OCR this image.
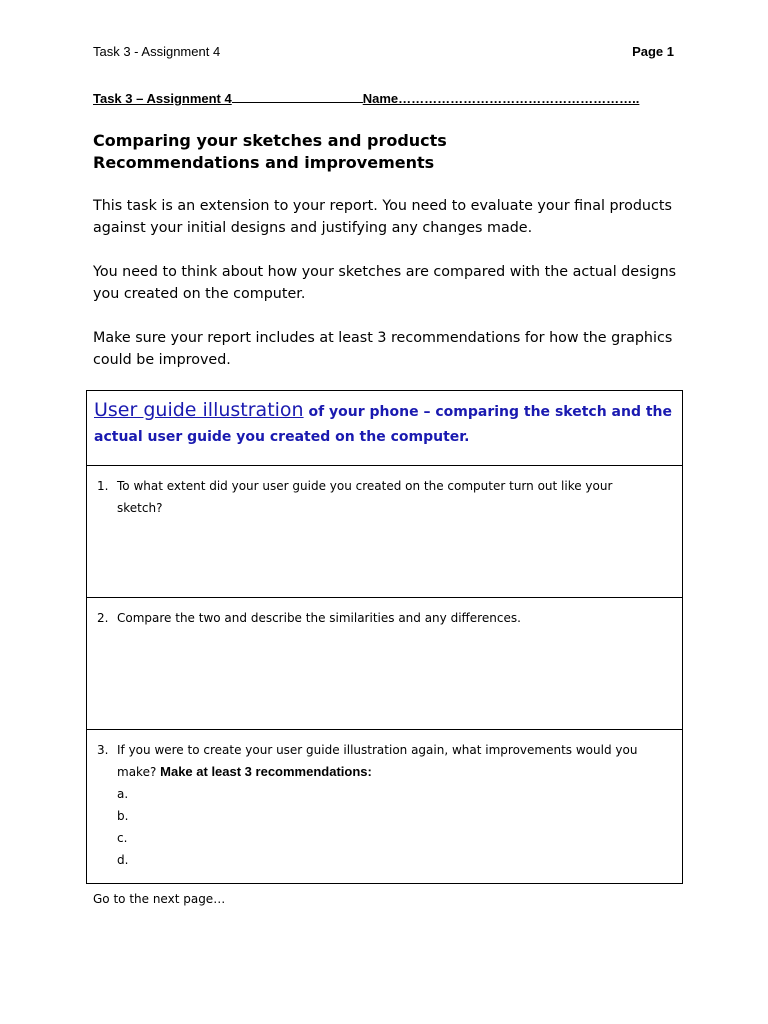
Task 3 - Assignment 4	Page 1
Task 3 – Assignment 4	Name………………………………………………..
Comparing your sketches and products
Recommendations and improvements
This task is an extension to your report. You need to evaluate your final products against your initial designs and justifying any changes made.
You need to think about how your sketches are compared with the actual designs you created on the computer.
Make sure your report includes at least 3 recommendations for how the graphics could be improved.
User guide illustration of your phone – comparing the sketch and the
actual user guide you created on the computer.

1. To what extent did your user guide you created on the computer turn out like your
sketch?

2. Compare the two and describe the similarities and any differences.

3. If you were to create your user guide illustration again, what improvements would you
make? Make at least 3 recommendations:
a.
b.
c.
d.
Go to the next page…
